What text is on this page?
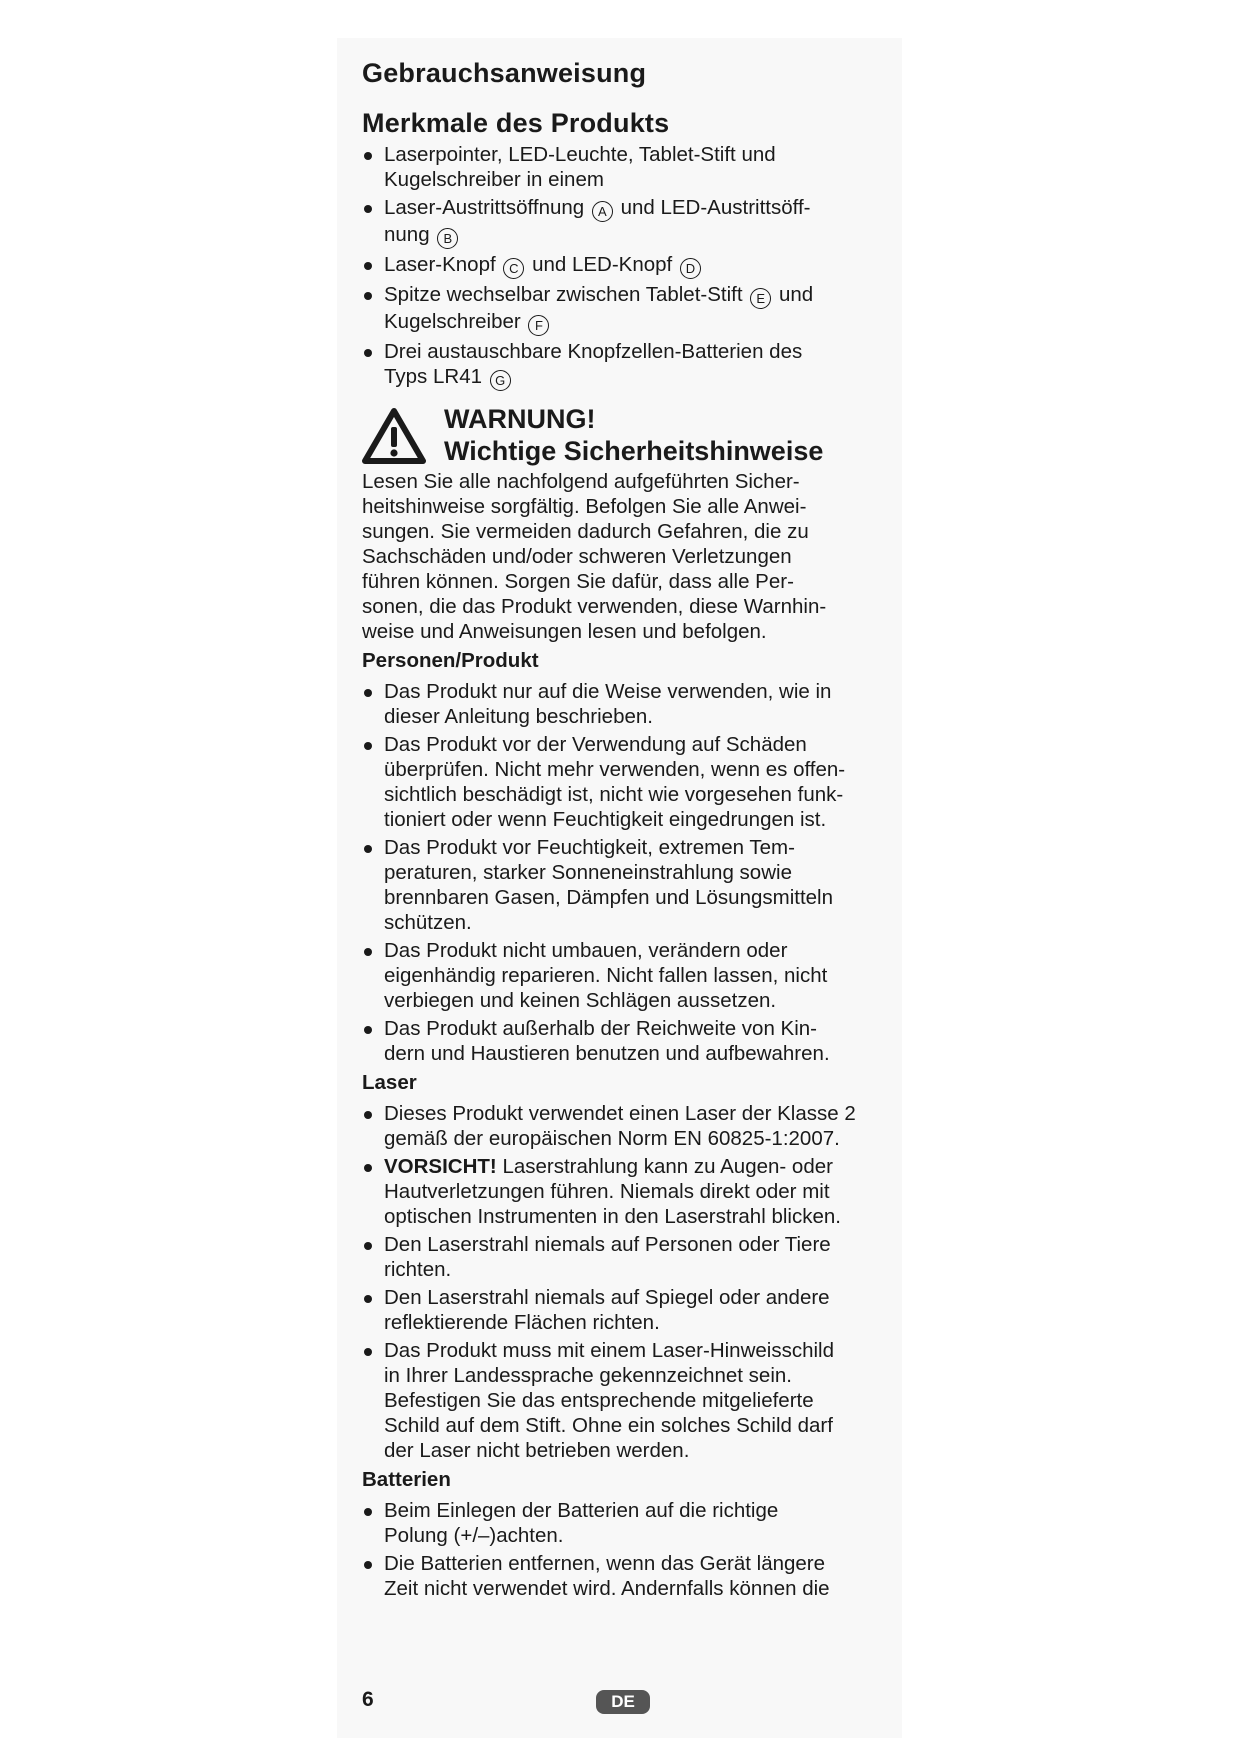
Gebrauchsanweisung
Merkmale des Produkts
Laserpointer, LED-Leuchte, Tablet-Stift und
Kugelschreiber in einem
Laser-Austrittsöffnung A und LED-Austrittsöff-
nung B
Laser-Knopf C und LED-Knopf D
Spitze wechselbar zwischen Tablet-Stift E und
Kugelschreiber F
Drei austauschbare Knopfzellen-Batterien des
Typs LR41 G
WARNUNG!
Wichtige Sicherheitshinweise

Lesen Sie alle nachfolgend aufgeführten Sicher-
heitshinweise sorgfältig. Befolgen Sie alle Anwei-
sungen. Sie vermeiden dadurch Gefahren, die zu
Sachschäden und/oder schweren Verletzungen
führen können. Sorgen Sie dafür, dass alle Per-
sonen, die das Produkt verwenden, diese Warnhin-
weise und Anweisungen lesen und befolgen.

Personen/Produkt
Das Produkt nur auf die Weise verwenden, wie in
dieser Anleitung beschrieben.
Das Produkt vor der Verwendung auf Schäden
überprüfen. Nicht mehr verwenden, wenn es offen-
sichtlich beschädigt ist, nicht wie vorgesehen funk-
tioniert oder wenn Feuchtigkeit eingedrungen ist.
Das Produkt vor Feuchtigkeit, extremen Tem-
peraturen, starker Sonneneinstrahlung sowie
brennbaren Gasen, Dämpfen und Lösungsmitteln
schützen.
Das Produkt nicht umbauen, verändern oder
eigenhändig reparieren. Nicht fallen lassen, nicht
verbiegen und keinen Schlägen aussetzen.
Das Produkt außerhalb der Reichweite von Kin-
dern und Haustieren benutzen und aufbewahren.
Laser
Dieses Produkt verwendet einen Laser der Klasse 2
gemäß der europäischen Norm EN 60825-1:2007.
VORSICHT! Laserstrahlung kann zu Augen- oder
Hautverletzungen führen. Niemals direkt oder mit
optischen Instrumenten in den Laserstrahl blicken.
Den Laserstrahl niemals auf Personen oder Tiere
richten.
Den Laserstrahl niemals auf Spiegel oder andere
reflektierende Flächen richten.
Das Produkt muss mit einem Laser-Hinweisschild
in Ihrer Landessprache gekennzeichnet sein.
Befestigen Sie das entsprechende mitgelieferte
Schild auf dem Stift. Ohne ein solches Schild darf
der Laser nicht betrieben werden.
Batterien
Beim Einlegen der Batterien auf die richtige
Polung (+/–)achten.
Die Batterien entfernen, wenn das Gerät längere
Zeit nicht verwendet wird. Andernfalls können die
6	DE
